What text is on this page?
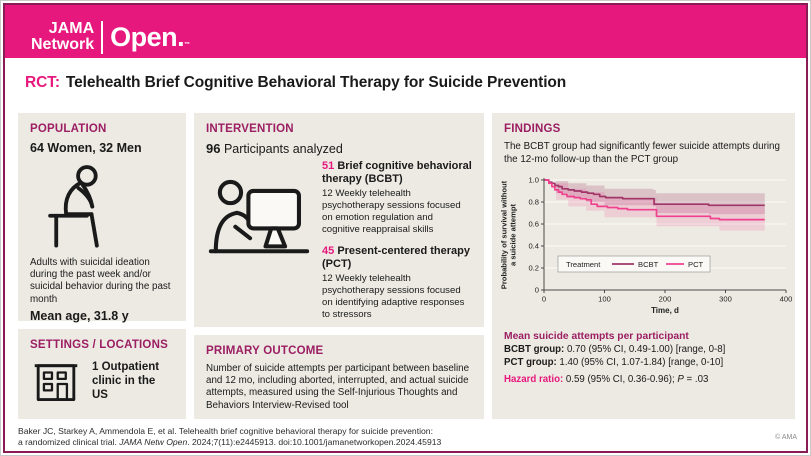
JAMA
Network Open.™
RCT: Telehealth Brief Cognitive Behavioral Therapy for Suicide Prevention
POPULATION
64 Women, 32 Men

Adults with suicidal ideation during the past week and/or suicidal behavior during the past month

Mean age, 31.8 y
SETTINGS / LOCATIONS
1 Outpatient clinic in the US
INTERVENTION
96 Participants analyzed

51 Brief cognitive behavioral therapy (BCBT)

12 Weekly telehealth psychotherapy sessions focused on emotion regulation and cognitive reappraisal skills

45 Present-centered therapy (PCT)

12 Weekly telehealth psychotherapy sessions focused on identifying adaptive responses to stressors

PRIMARY OUTCOME

Number of suicide attempts per participant between baseline and 12 mo, including aborted, interrupted, and actual suicide attempts, measured using the Self-Injurious Thoughts and Behaviors Interview-Revised tool

FINDINGS

The BCBT group had significantly fewer suicide attempts during the 12-mo follow-up than the PCT group

0
0.2
0.4
0.6
0.8
1.0
0	100	200	300	400
Time, d
Probability of survival withouta suicide attempt	Treatment	BCBT	PCT

Mean suicide attempts per participant

BCBT group: 0.70 (95% CI, 0.49-1.00) [range, 0-8]

PCT group: 1.40 (95% CI, 1.07-1.84) [range, 0-10]

Hazard ratio: 0.59 (95% CI, 0.36-0.96); P = .03

Baker JC, Starkey A, Ammendola E, et al. Telehealth brief cognitive behavioral therapy for suicide prevention:
a randomized clinical trial. JAMA Netw Open. 2024;7(11):e2445913. doi:10.1001/jamanetworkopen.2024.45913	© AMA
